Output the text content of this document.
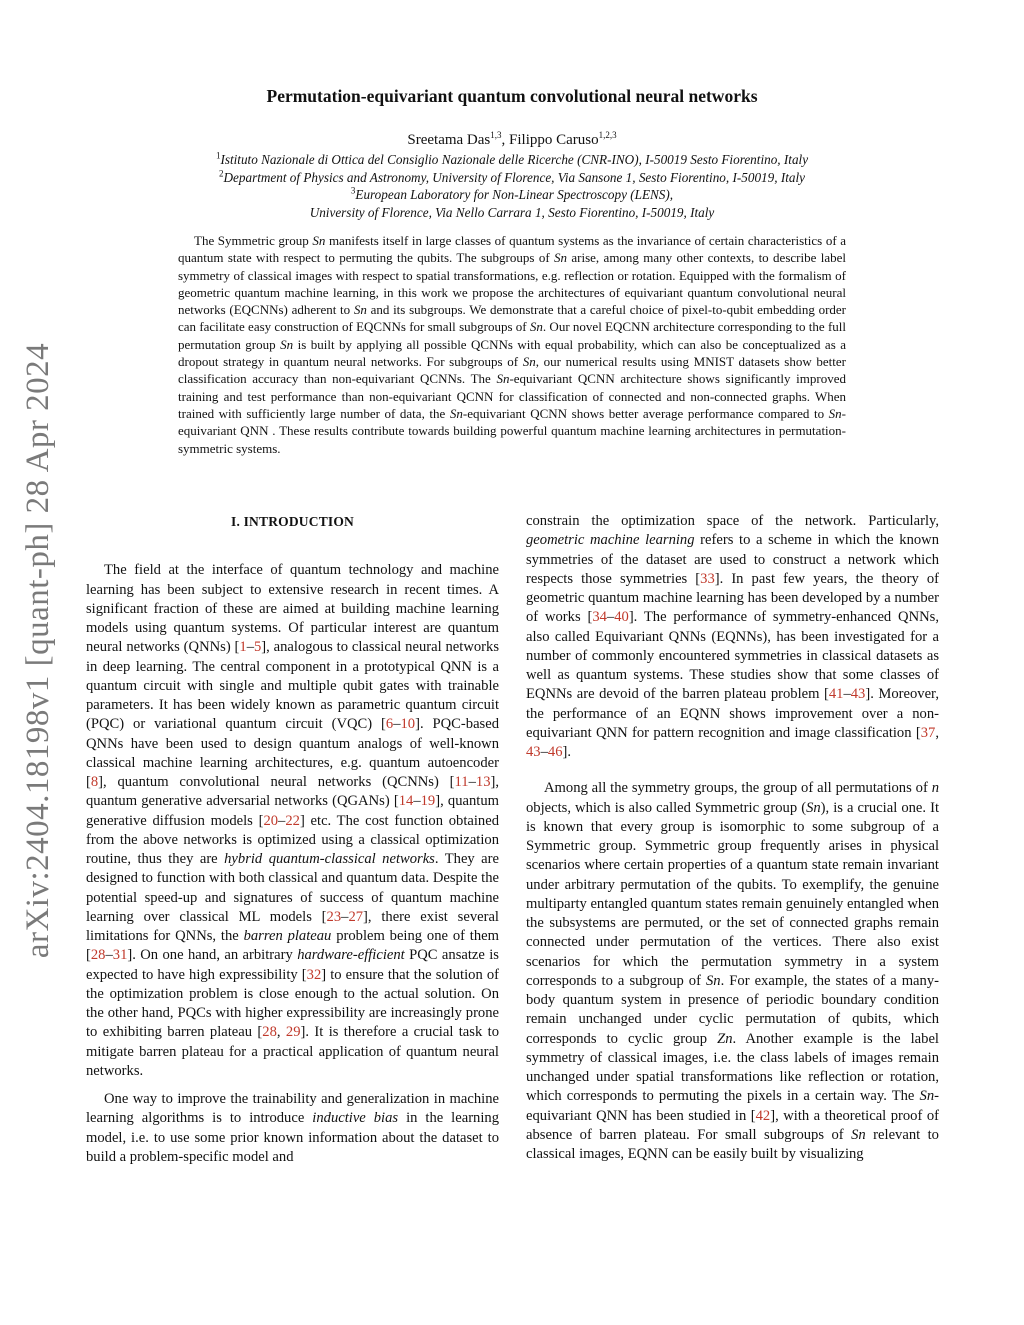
arXiv:2404.18198v1 [quant-ph] 28 Apr 2024
Permutation-equivariant quantum convolutional neural networks
Sreetama Das$^{1,3}$, Filippo Caruso$^{1,2,3}$

$^1$Istituto Nazionale di Ottica del Consiglio Nazionale delle Ricerche (CNR-INO), I-50019 Sesto Fiorentino, Italy

$^2$Department of Physics and Astronomy, University of Florence, Via Sansone 1, Sesto Fiorentino, I-50019, Italy

$^3$European Laboratory for Non-Linear Spectroscopy (LENS),

University of Florence, Via Nello Carrara 1, Sesto Fiorentino, I-50019, Italy

The Symmetric group Sn manifests itself in large classes of quantum systems as the invariance of certain characteristics of a quantum state with respect to permuting the qubits. The subgroups of Sn arise, among many other contexts, to describe label symmetry of classical images with respect to spatial transformations, e.g. reflection or rotation. Equipped with the formalism of geometric quantum machine learning, in this work we propose the architectures of equivariant quantum convolutional neural networks (EQCNNs) adherent to Sn and its subgroups. We demonstrate that a careful choice of pixel-to-qubit embedding order can facilitate easy construction of EQCNNs for small subgroups of Sn. Our novel EQCNN architecture corresponding to the full permutation group Sn is built by applying all possible QCNNs with equal probability, which can also be conceptualized as a dropout strategy in quantum neural networks. For subgroups of Sn, our numerical results using MNIST datasets show better classification accuracy than non-equivariant QCNNs. The Sn-equivariant QCNN architecture shows significantly improved training and test performance than non-equivariant QCNN for classification of connected and non-connected graphs. When trained with sufficiently large number of data, the Sn-equivariant QCNN shows better average performance compared to Sn-equivariant QNN . These results contribute towards building powerful quantum machine learning architectures in permutation-symmetric systems.

I. INTRODUCTION

The field at the interface of quantum technology and machine learning has been subject to extensive research in recent times. A significant fraction of these are aimed at building machine learning models using quantum systems. Of particular interest are quantum neural networks (QNNs) [1–5], analogous to classical neural networks in deep learning. The central component in a prototypical QNN is a quantum circuit with single and multiple qubit gates with trainable parameters. It has been widely known as parametric quantum circuit (PQC) or variational quantum circuit (VQC) [6–10]. PQC-based QNNs have been used to design quantum analogs of well-known classical machine learning architectures, e.g. quantum autoencoder [8], quantum convolutional neural networks (QCNNs) [11–13], quantum generative adversarial networks (QGANs) [14–19], quantum generative diffusion models [20–22] etc. The cost function obtained from the above networks is optimized using a classical optimization routine, thus they are hybrid quantum-classical networks. They are designed to function with both classical and quantum data. Despite the potential speed-up and signatures of success of quantum machine learning over classical ML models [23–27], there exist several limitations for QNNs, the barren plateau problem being one of them [28–31]. On one hand, an arbitrary hardware-efficient PQC ansatze is expected to have high expressibility [32] to ensure that the solution of the optimization problem is close enough to the actual solution. On the other hand, PQCs with higher expressibility are increasingly prone to exhibiting barren plateau [28, 29]. It is therefore a crucial task to mitigate barren plateau for a practical application of quantum neural networks.

One way to improve the trainability and generalization in machine learning algorithms is to introduce inductive bias in the learning model, i.e. to use some prior known information about the dataset to build a problem-specific model and

constrain the optimization space of the network. Particularly, geometric machine learning refers to a scheme in which the known symmetries of the dataset are used to construct a network which respects those symmetries [33]. In past few years, the theory of geometric quantum machine learning has been developed by a number of works [34–40]. The performance of symmetry-enhanced QNNs, also called Equivariant QNNs (EQNNs), has been investigated for a number of commonly encountered symmetries in classical datasets as well as quantum systems. These studies show that some classes of EQNNs are devoid of the barren plateau problem [41–43]. Moreover, the performance of an EQNN shows improvement over a non-equivariant QNN for pattern recognition and image classification [37, 43–46].

Among all the symmetry groups, the group of all permutations of n objects, which is also called Symmetric group (Sn), is a crucial one. It is known that every group is isomorphic to some subgroup of a Symmetric group. Symmetric group frequently arises in physical scenarios where certain properties of a quantum state remain invariant under arbitrary permutation of the qubits. To exemplify, the genuine multiparty entangled quantum states remain genuinely entangled when the subsystems are permuted, or the set of connected graphs remain connected under permutation of the vertices. There also exist scenarios for which the permutation symmetry in a system corresponds to a subgroup of Sn. For example, the states of a many-body quantum system in presence of periodic boundary condition remain unchanged under cyclic permutation of qubits, which corresponds to cyclic group Zn. Another example is the label symmetry of classical images, i.e. the class labels of images remain unchanged under spatial transformations like reflection or rotation, which corresponds to permuting the pixels in a certain way. The Sn-equivariant QNN has been studied in [42], with a theoretical proof of absence of barren plateau. For small subgroups of Sn relevant to classical images, EQNN can be easily built by visualizing
